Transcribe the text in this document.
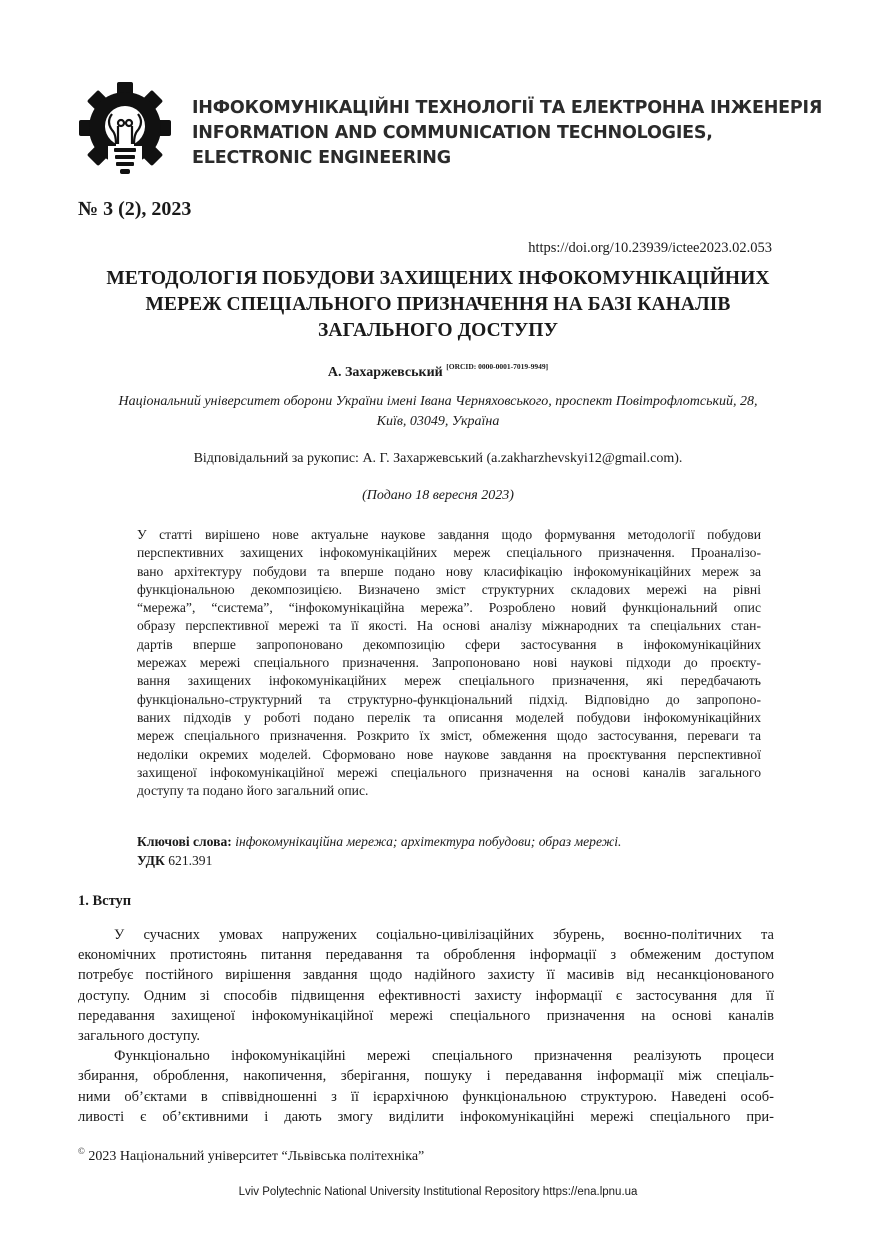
ІНФОКОМУНІКАЦІЙНІ ТЕХНОЛОГІЇ ТА ЕЛЕКТРОННА ІНЖЕНЕРІЯ
INFORMATION AND COMMUNICATION TECHNOLOGIES,
ELECTRONIC ENGINEERING
№ 3 (2), 2023
https://doi.org/10.23939/ictee2023.02.053
МЕТОДОЛОГІЯ ПОБУДОВИ ЗАХИЩЕНИХ ІНФОКОМУНІКАЦІЙНИХ
МЕРЕЖ СПЕЦІАЛЬНОГО ПРИЗНАЧЕННЯ НА БАЗІ КАНАЛІВ
ЗАГАЛЬНОГО ДОСТУПУ
А. Захаржевський [ORCID: 0000-0001-7019-9949]
Національний університет оборони України імені Івана Черняховського, проспект Повітрофлотський, 28,
Київ, 03049, Україна
Відповідальний за рукопис: А. Г. Захаржевський (a.zakharzhevskyi12@gmail.com).
(Подано 18 вересня 2023)
У статті вирішено нове актуальне наукове завдання щодо формування методології побудови
перспективних захищених інфокомунікаційних мереж спеціального призначення. Проаналізо-
вано архітектуру побудови та вперше подано нову класифікацію інфокомунікаційних мереж за
функціональною декомпозицією. Визначено зміст структурних складових мережі на рівні
“мережа”, “система”, “інфокомунікаційна мережа”. Розроблено новий функціональний опис
образу перспективної мережі та її якості. На основі аналізу міжнародних та спеціальних стан-
дартів вперше запропоновано декомпозицію сфери застосування в інфокомунікаційних
мережах мережі спеціального призначення. Запропоновано нові наукові підходи до проєкту-
вання захищених інфокомунікаційних мереж спеціального призначення, які передбачають
функціонально-структурний та структурно-функціональний підхід. Відповідно до запропоно-
ваних підходів у роботі подано перелік та описання моделей побудови інфокомунікаційних
мереж спеціального призначення. Розкрито їх зміст, обмеження щодо застосування, переваги та
недоліки окремих моделей. Сформовано нове наукове завдання на проєктування перспективної
захищеної інфокомунікаційної мережі спеціального призначення на основі каналів загального
доступу та подано його загальний опис.
Ключові слова: інфокомунікаційна мережа; архітектура побудови; образ мережі.
УДК 621.391
1. Вступ
У сучасних умовах напружених соціально-цивілізаційних збурень, воєнно-політичних та
економічних протистоянь питання передавання та оброблення інформації з обмеженим доступом
потребує постійного вирішення завдання щодо надійного захисту її масивів від несанкціонованого
доступу. Одним зі способів підвищення ефективності захисту інформації є застосування для її
передавання захищеної інфокомунікаційної мережі спеціального призначення на основі каналів
загального доступу.
Функціонально інфокомунікаційні мережі спеціального призначення реалізують процеси
збирання, оброблення, накопичення, зберігання, пошуку і передавання інформації між спеціаль-
ними об’єктами в співвідношенні з її ієрархічною функціональною структурою. Наведені особ-
ливості є об’єктивними і дають змогу виділити інфокомунікаційні мережі спеціального при-
© 2023 Національний університет “Львівська політехніка”
Lviv Polytechnic National University Institutional Repository https://ena.lpnu.ua
